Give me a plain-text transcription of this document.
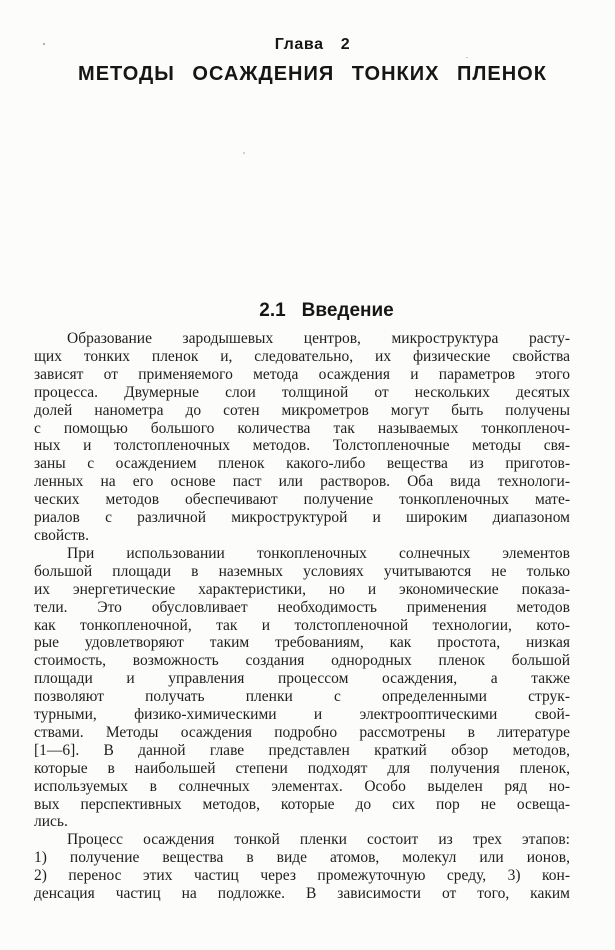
Глава 2
МЕТОДЫ ОСАЖДЕНИЯ ТОНКИХ ПЛЕНОК
2.1 Введение
Образование зародышевых центров, микроструктура расту-
щих тонких пленок и, следовательно, их физические свойства
зависят от применяемого метода осаждения и параметров этого
процесса. Двумерные слои толщиной от нескольких десятых
долей нанометра до сотен микрометров могут быть получены
с помощью большого количества так называемых тонкопленоч-
ных и толстопленочных методов. Толстопленочные методы свя-
заны с осаждением пленок какого-либо вещества из приготов-
ленных на его основе паст или растворов. Оба вида технологи-
ческих методов обеспечивают получение тонкопленочных мате-
риалов с различной микроструктурой и широким диапазоном
свойств.
При использовании тонкопленочных солнечных элементов
большой площади в наземных условиях учитываются не только
их энергетические характеристики, но и экономические показа-
тели. Это обусловливает необходимость применения методов
как тонкопленочной, так и толстопленочной технологии, кото-
рые удовлетворяют таким требованиям, как простота, низкая
стоимость, возможность создания однородных пленок большой
площади и управления процессом осаждения, а также
позволяют получать пленки с определенными струк-
турными, физико-химическими и электрооптическими свой-
ствами. Методы осаждения подробно рассмотрены в литературе
[1—6]. В данной главе представлен краткий обзор методов,
которые в наибольшей степени подходят для получения пленок,
используемых в солнечных элементах. Особо выделен ряд но-
вых перспективных методов, которые до сих пор не освеща-
лись.
Процесс осаждения тонкой пленки состоит из трех этапов:
1) получение вещества в виде атомов, молекул или ионов,
2) перенос этих частиц через промежуточную среду, 3) кон-
денсация частиц на подложке. В зависимости от того, каким
